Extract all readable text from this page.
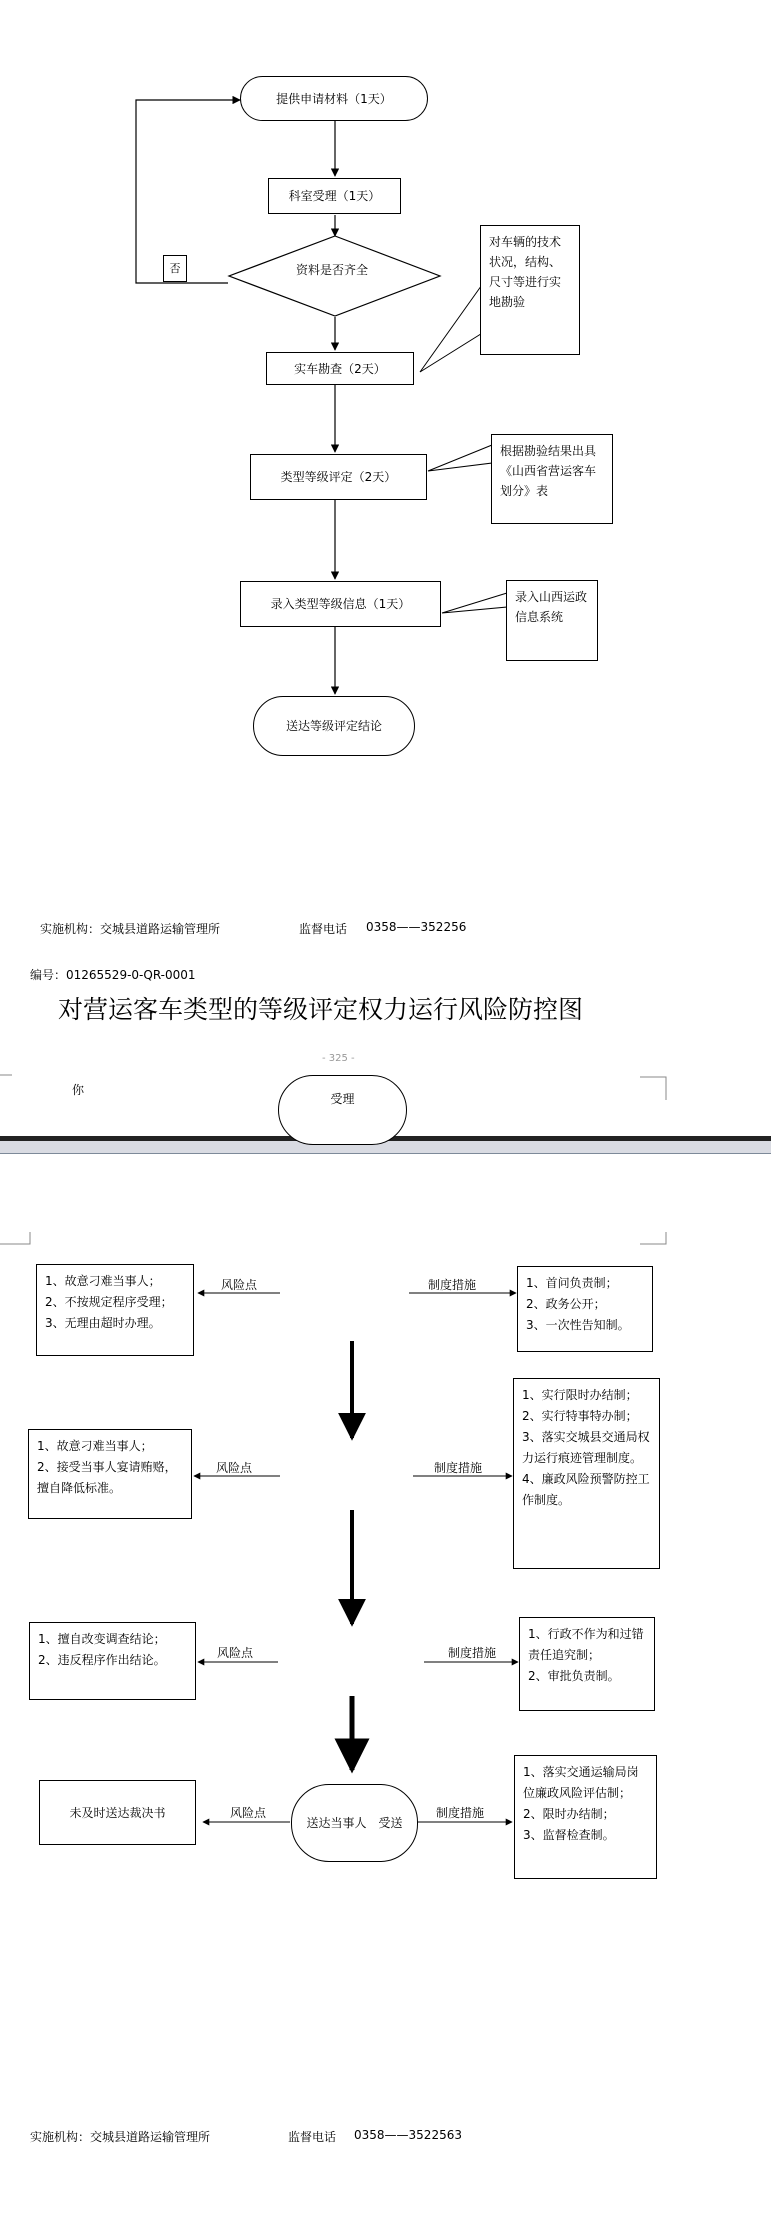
提供申请材料（1天）
科室受理（1天）
资料是否齐全
否
实车勘查（2天）
类型等级评定（2天）
录入类型等级信息（1天）
送达等级评定结论
对车辆的技术状况，结构、尺寸等进行实地勘验
根据勘验结果出具《山西省营运客车划分》表
录入山西运政信息系统
实施机构：交城县道路运输管理所	监督电话 0358——352256
编号：01265529-0-QR-0001
对营运客车类型的等级评定权力运行风险防控图
- 325 -
你
受理
1、故意刁难当事人；
2、不按规定程序受理；
3、无理由超时办理。
风险点	制度措施	1、首问负责制；
2、政务公开；
3、一次性告知制。
1、故意刁难当事人；
2、接受当事人宴请贿赂，擅自降低标准。
风险点	制度措施
1、实行限时办结制；
2、实行特事特办制；
3、落实交城县交通局权力运行痕迹管理制度。
4、廉政风险预警防控工作制度。
1、擅自改变调查结论；
2、违反程序作出结论。	风险点	制度措施
1、行政不作为和过错责任追究制；
2、审批负责制。
未及时送达裁决书	风险点
送达当事人　受送
制度措施
1、落实交通运输局岗位廉政风险评估制；
2、限时办结制；
3、监督检查制。
实施机构：交城县道路运输管理所	监督电话 0358——3522563
